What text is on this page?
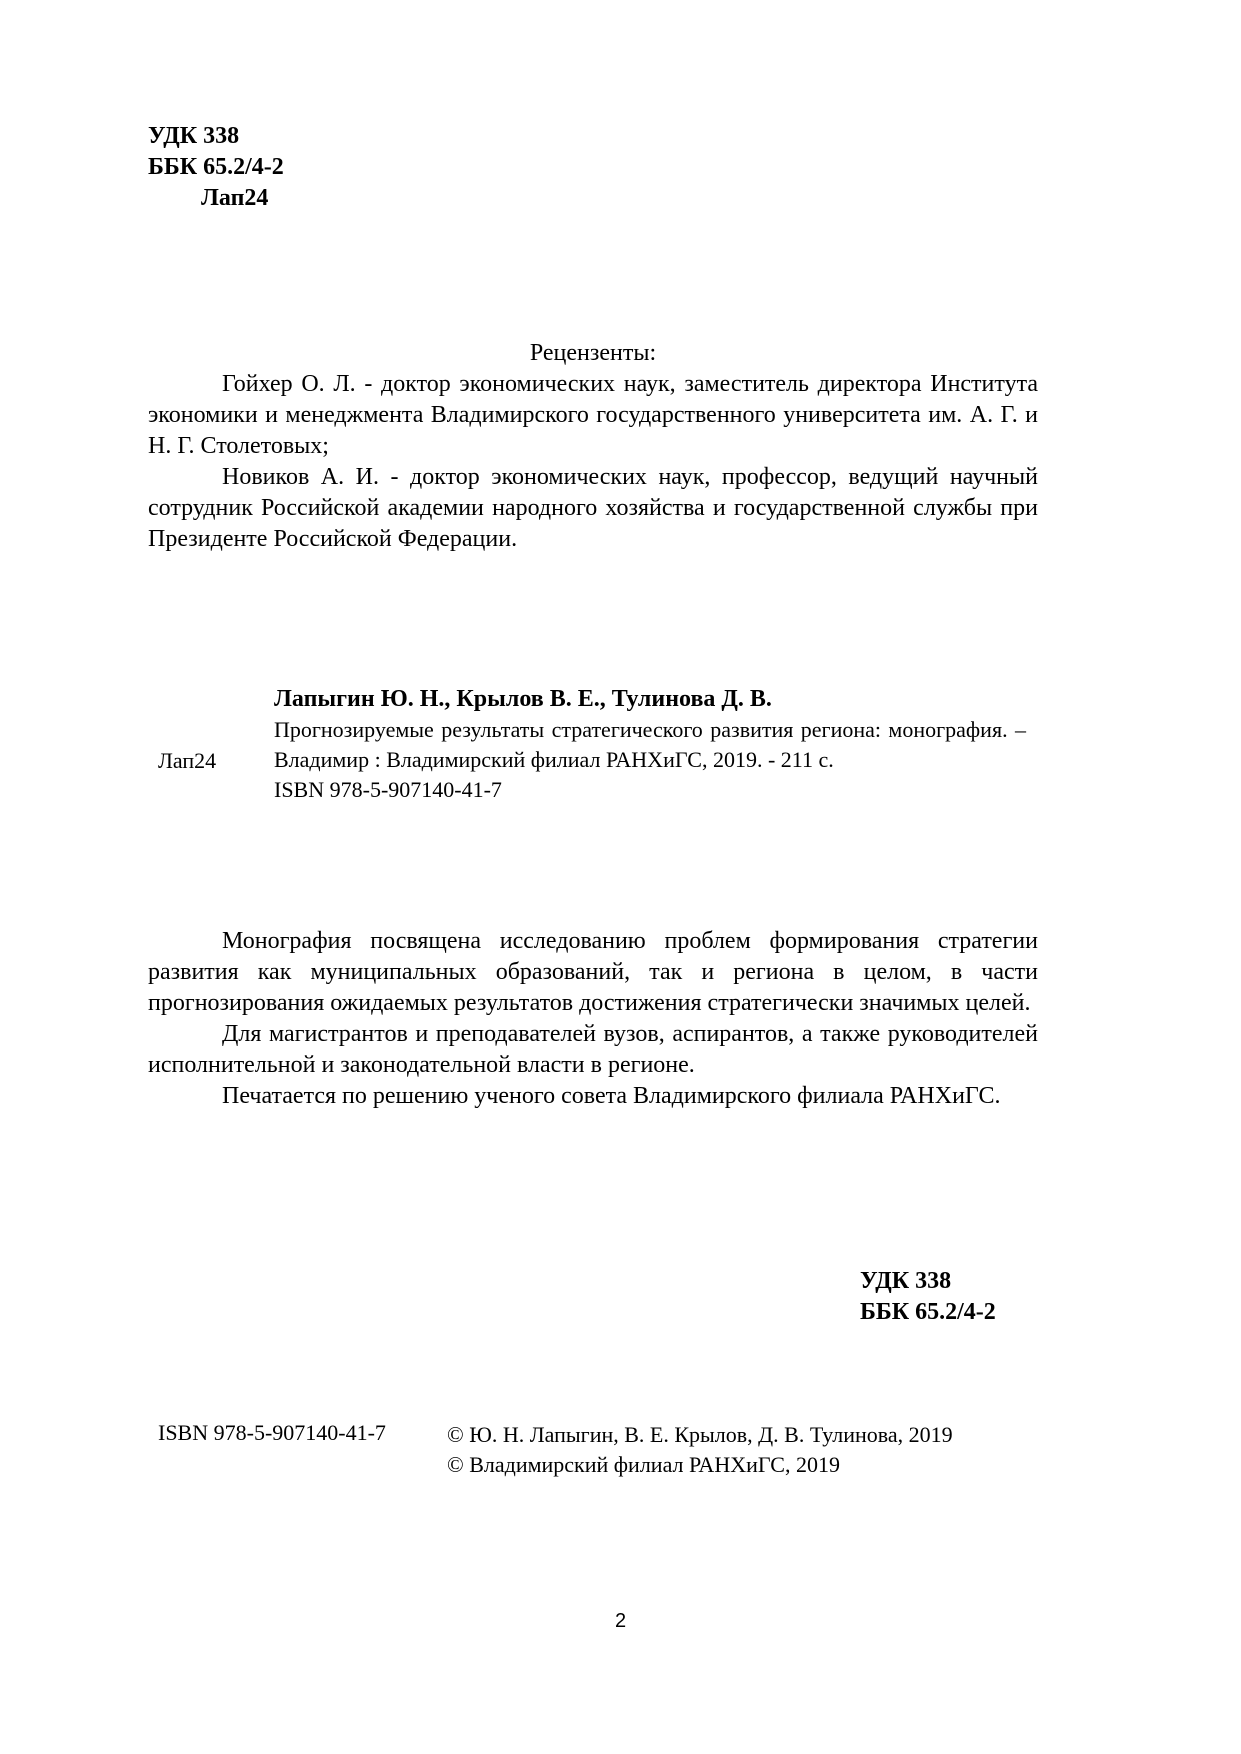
УДК 338
ББК 65.2/4-2
Лап24
Рецензенты:

Гойхер О. Л. - доктор экономических наук, заместитель директора Института экономики и менеджмента Владимирского государственного университета им. А. Г. и Н. Г. Столетовых;

Новиков А. И. - доктор экономических наук, профессор, ведущий научный сотрудник Российской академии народного хозяйства и государственной службы при Президенте Российской Федерации.

Лап24
Лапыгин Ю. Н., Крылов В. Е., Тулинова Д. В.

Прогнозируемые результаты стратегического развития региона: монография. – Владимир : Владимирский филиал РАНХиГС, 2019. - 211 с.

ISBN 978-5-907140-41-7

Монография посвящена исследованию проблем формирования стратегии развития как муниципальных образований, так и региона в целом, в части прогнозирования ожидаемых результатов достижения стратегически значимых целей.

Для магистрантов и преподавателей вузов, аспирантов, а также руководителей исполнительной и законодательной власти в регионе.

Печатается по решению ученого совета Владимирского филиала РАНХиГС.

УДК 338
ББК 65.2/4-2
ISBN 978-5-907140-41-7	© Ю. Н. Лапыгин, В. Е. Крылов, Д. В. Тулинова, 2019
© Владимирский филиал РАНХиГС, 2019
2
